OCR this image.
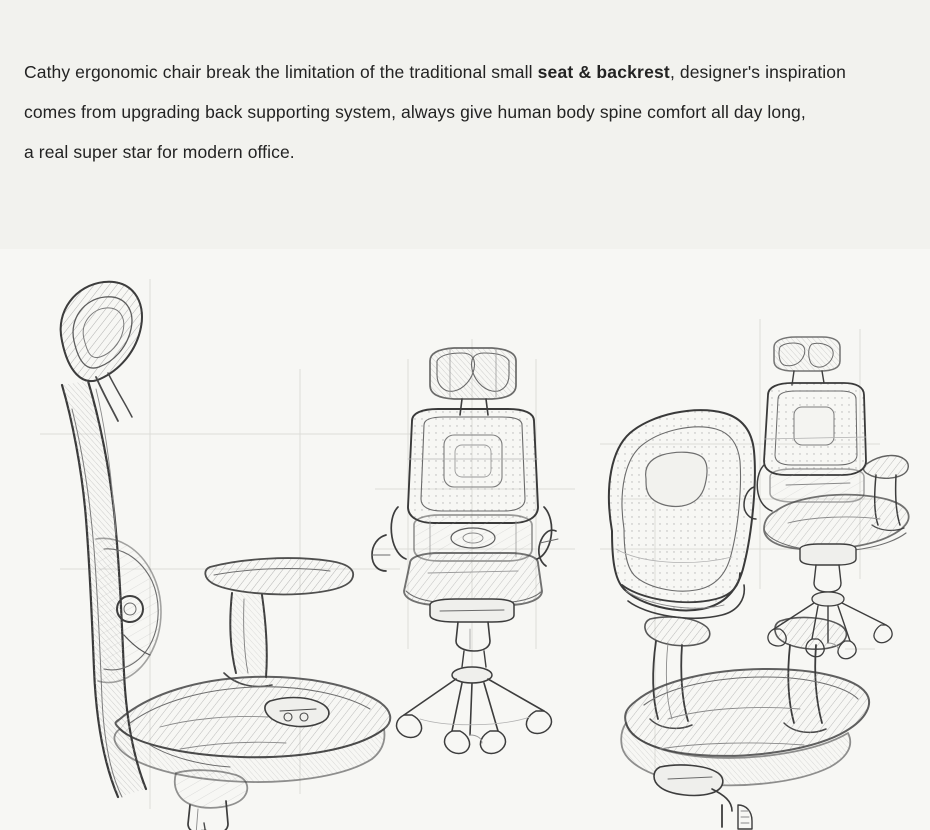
Cathy ergonomic chair break the limitation of the traditional small seat & backrest, designer's inspiration
comes from upgrading back supporting system, always give human body spine comfort all day long,
a real super star for modern office.
